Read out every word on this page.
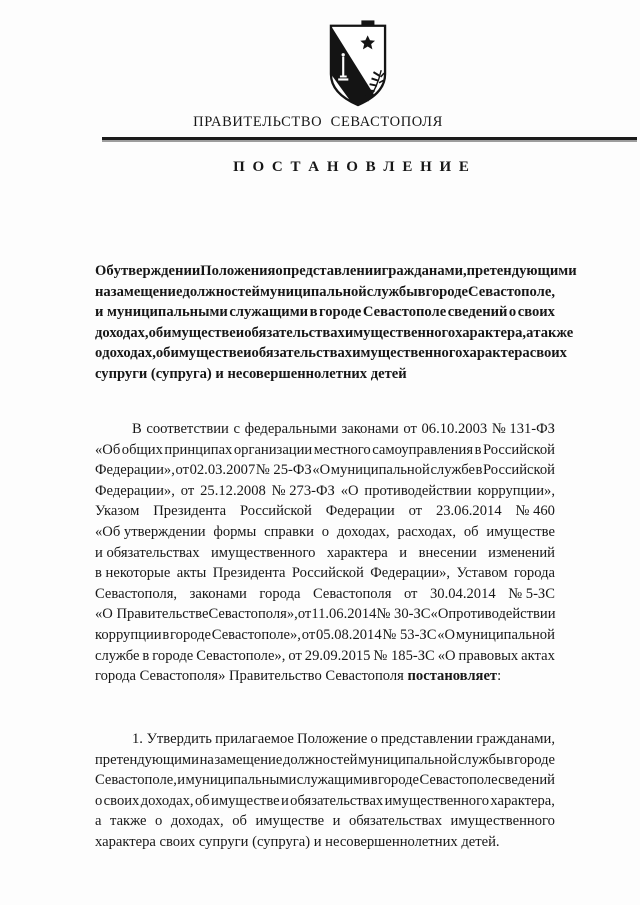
ПРАВИТЕЛЬСТВО  СЕВАСТОПОЛЯ
П О С Т А Н О В Л Е Н И Е
Об утверждении Положения о представлении гражданами, претендующими
на замещение должностей муниципальной службы в городе Севастополе,
и муниципальными служащими в городе Севастополе сведений о своих
доходах, об имуществе и обязательствах имущественного характера, а также
о доходах, об имуществе и обязательствах имущественного характера своих
супруги (супруга) и несовершеннолетних детей
В соответствии с федеральными законами от 06.10.2003 № 131-ФЗ
«Об общих принципах организации местного самоуправления в Российской
Федерации», от 02.03.2007 № 25-ФЗ «О муниципальной службе в Российской
Федерации», от 25.12.2008 № 273-ФЗ «О противодействии коррупции»,
Указом Президента Российской Федерации от 23.06.2014 № 460
«Об утверждении формы справки о доходах, расходах, об имуществе
и обязательствах имущественного характера и внесении изменений
в некоторые акты Президента Российской Федерации», Уставом города
Севастополя, законами города Севастополя от 30.04.2014 № 5-ЗС
«О Правительстве Севастополя», от 11.06.2014 № 30-ЗС «О противодействии
коррупции в городе Севастополе», от 05.08.2014 № 53-ЗС «О муниципальной
службе в городе Севастополе», от 29.09.2015 № 185-ЗС «О правовых актах
города Севастополя» Правительство Севастополя постановляет:
1. Утвердить прилагаемое Положение о представлении гражданами,
претендующими на замещение должностей муниципальной службы в городе
Севастополе, и муниципальными служащими в городе Севастополе сведений
о своих доходах, об имуществе и обязательствах имущественного характера,
а также о доходах, об имуществе и обязательствах имущественного
характера своих супруги (супруга) и несовершеннолетних детей.
